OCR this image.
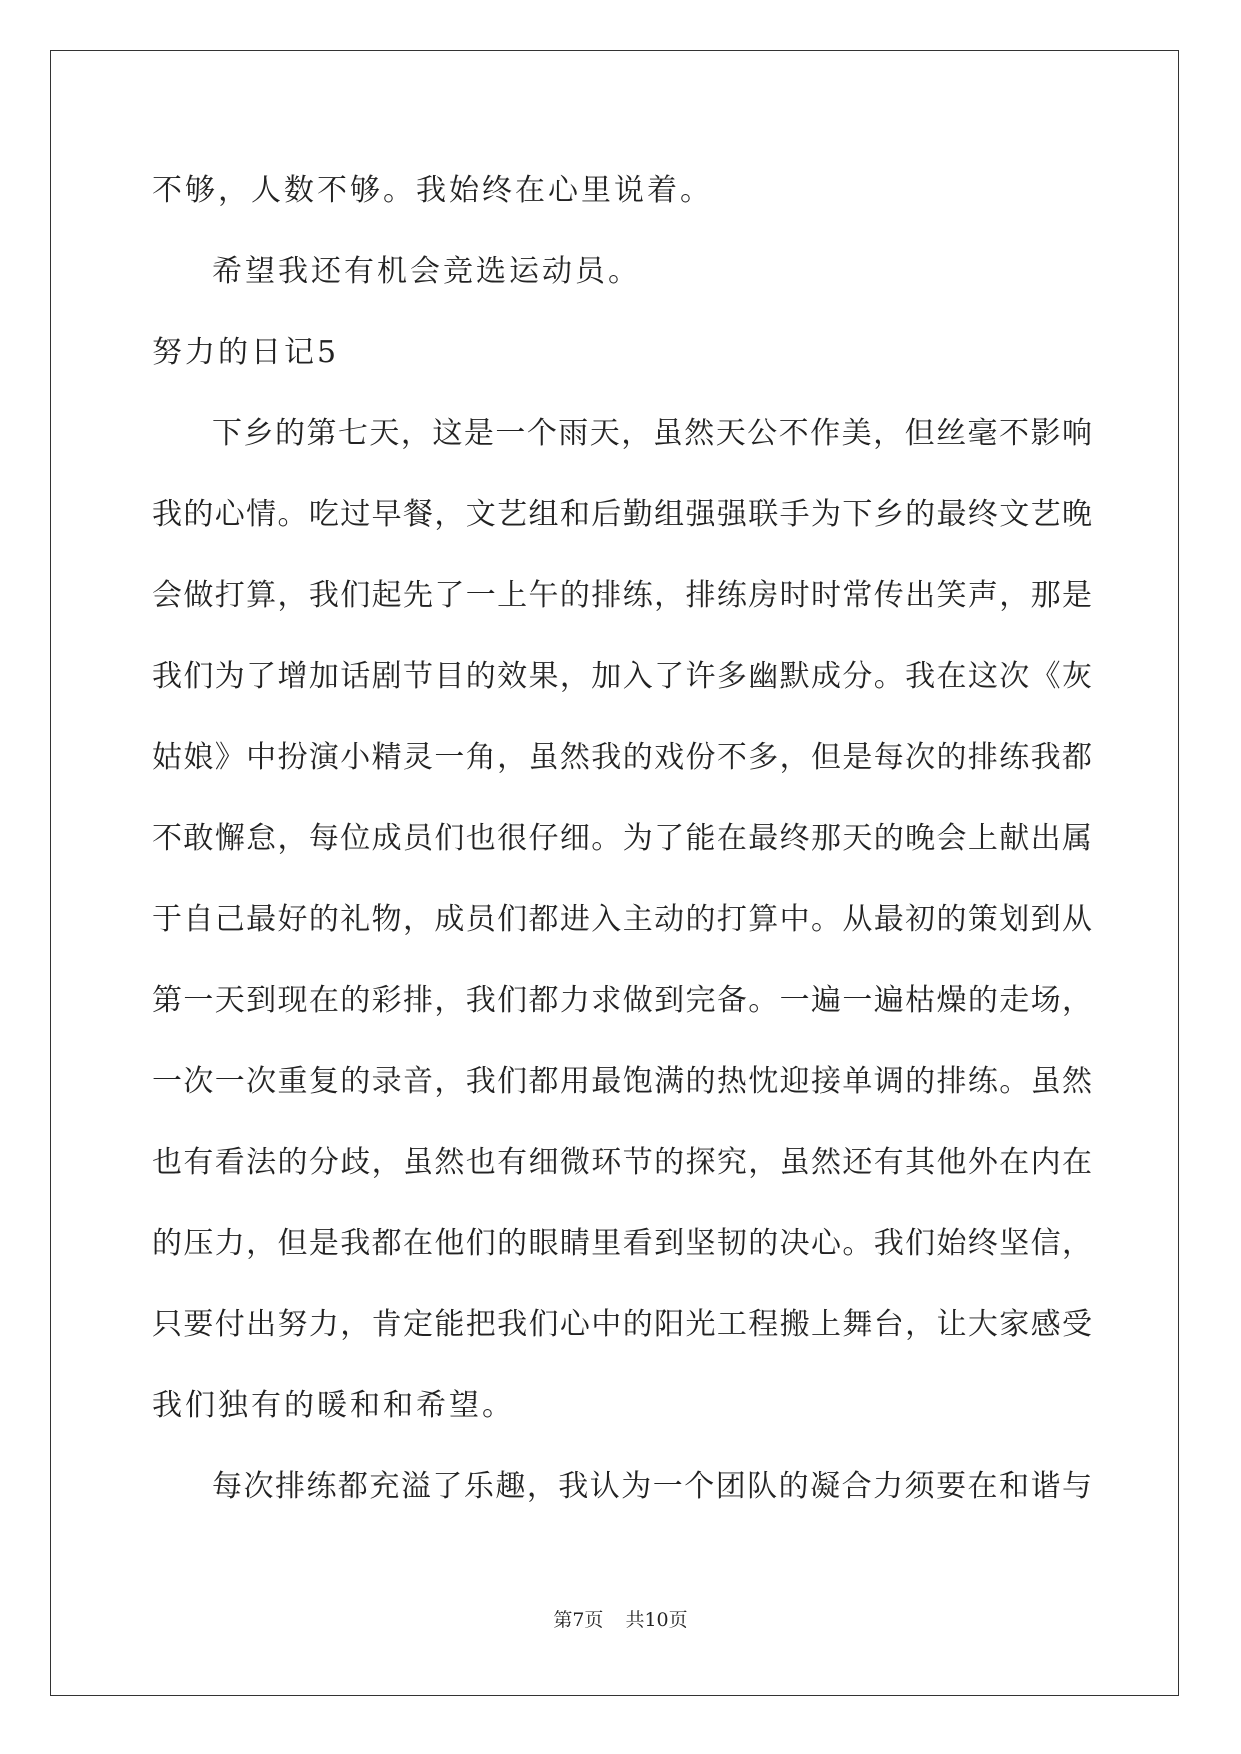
不够，人数不够。我始终在心里说着。
希望我还有机会竞选运动员。
努力的日记5
下乡的第七天，这是一个雨天，虽然天公不作美，但丝毫不影响
我的心情。吃过早餐，文艺组和后勤组强强联手为下乡的最终文艺晚
会做打算，我们起先了一上午的排练，排练房时时常传出笑声，那是
我们为了增加话剧节目的效果，加入了许多幽默成分。我在这次《灰
姑娘》中扮演小精灵一角，虽然我的戏份不多，但是每次的排练我都
不敢懈怠，每位成员们也很仔细。为了能在最终那天的晚会上献出属
于自己最好的礼物，成员们都进入主动的打算中。从最初的策划到从
第一天到现在的彩排，我们都力求做到完备。一遍一遍枯燥的走场，
一次一次重复的录音，我们都用最饱满的热忱迎接单调的排练。虽然
也有看法的分歧，虽然也有细微环节的探究，虽然还有其他外在内在
的压力，但是我都在他们的眼睛里看到坚韧的决心。我们始终坚信，
只要付出努力，肯定能把我们心中的阳光工程搬上舞台，让大家感受
我们独有的暖和和希望。
每次排练都充溢了乐趣，我认为一个团队的凝合力须要在和谐与
第7页 共10页
